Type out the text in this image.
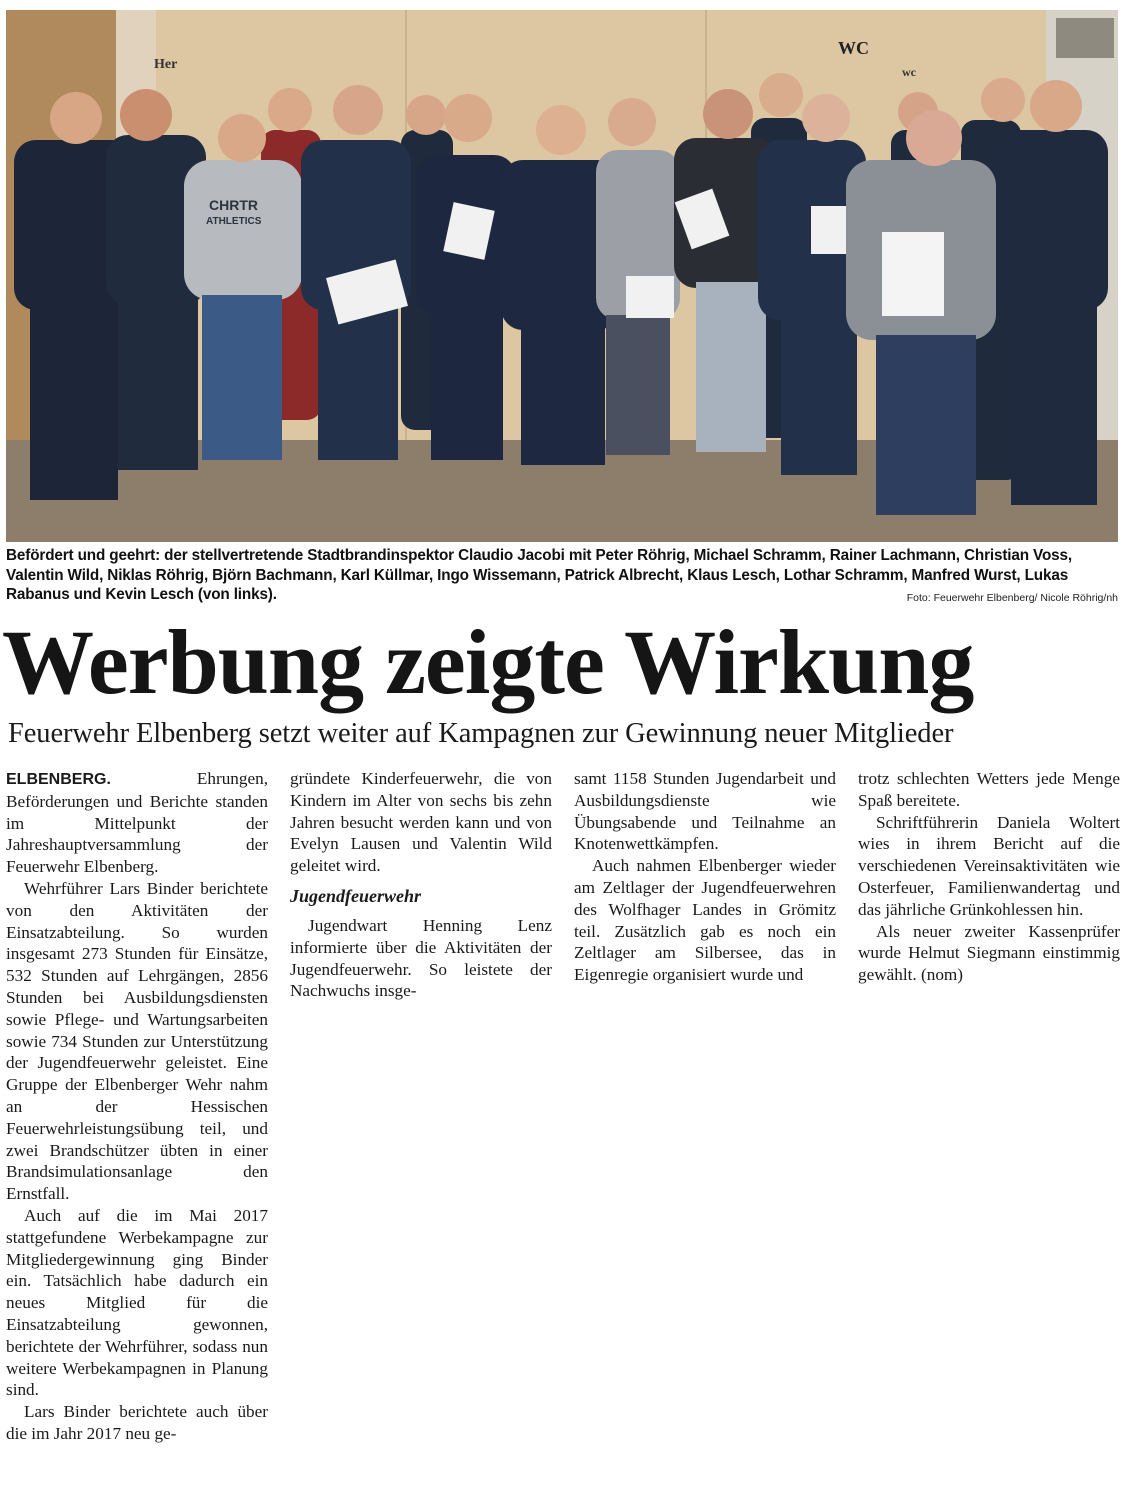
Her
WC
wc
CHRTR
ATHLETICS
Befördert und geehrt: der stellvertretende Stadtbrandinspektor Claudio Jacobi mit Peter Röhrig, Michael Schramm, Rainer Lachmann, Christian Voss, Valentin Wild, Niklas Röhrig, Björn Bachmann, Karl Küllmar, Ingo Wissemann, Patrick Albrecht, Klaus Lesch, Lothar Schramm, Manfred Wurst, Lukas Rabanus und Kevin Lesch (von links).	Foto: Feuerwehr Elbenberg/ Nicole Röhrig/nh
Werbung zeigte Wirkung
Feuerwehr Elbenberg setzt weiter auf Kampagnen zur Gewinnung neuer Mitglieder

ELBENBERG.	Ehrungen, Beförderungen und Berichte standen im Mittelpunkt der Jahreshauptversammlung der Feuerwehr Elbenberg.

Wehrführer Lars Binder berichtete von den Aktivitäten der Einsatzabteilung. So wurden insgesamt 273 Stunden für Einsätze, 532 Stunden auf Lehrgängen, 2856 Stunden bei Ausbildungsdiensten sowie Pflege- und Wartungsarbeiten sowie 734 Stunden zur Unterstützung der Jugendfeuerwehr geleistet. Eine Gruppe der Elbenberger Wehr nahm an der Hessischen Feuerwehrleistungsübung teil, und zwei Brandschützer übten in einer Brandsimulationsanlage den Ernstfall.

Auch auf die im Mai 2017 stattgefundene Werbekampagne zur Mitgliedergewinnung ging Binder ein. Tatsächlich habe dadurch ein neues Mitglied für die Einsatzabteilung gewonnen, berichtete der Wehrführer, sodass nun weitere Werbekampagnen in Planung sind.

Lars Binder berichtete auch über die im Jahr 2017 neu ge-

gründete Kinderfeuerwehr, die von Kindern im Alter von sechs bis zehn Jahren besucht werden kann und von Evelyn Lausen und Valentin Wild geleitet wird.

Jugendfeuerwehr

Jugendwart Henning Lenz informierte über die Aktivitäten der Jugendfeuerwehr. So leistete der Nachwuchs insge-

samt 1158 Stunden Jugendarbeit und Ausbildungsdienste wie Übungsabende und Teilnahme an Knotenwettkämpfen.

Auch nahmen Elbenberger wieder am Zeltlager der Jugendfeuerwehren des Wolfhager Landes in Grömitz teil. Zusätzlich gab es noch ein Zeltlager am Silbersee, das in Eigenregie organisiert wurde und

trotz schlechten Wetters jede Menge Spaß bereitete.

Schriftführerin Daniela Woltert wies in ihrem Bericht auf die verschiedenen Vereinsaktivitäten wie Osterfeuer, Familienwandertag und das jährliche Grünkohlessen hin.

Als neuer zweiter Kassenprüfer wurde Helmut Siegmann einstimmig gewählt. (nom)
